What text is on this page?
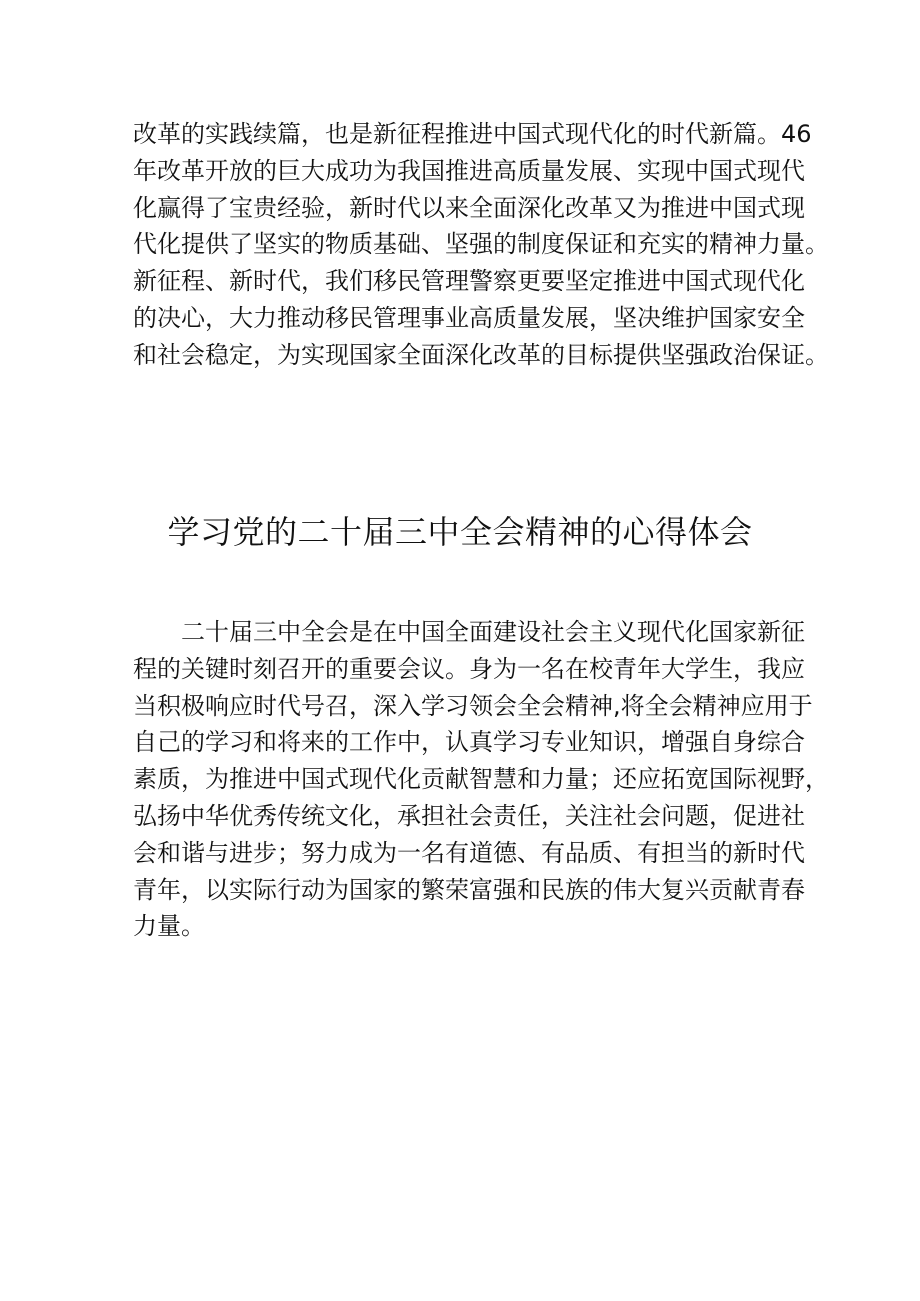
改革的实践续篇，也是新征程推进中国式现代化的时代新篇。46
年改革开放的巨大成功为我国推进高质量发展、实现中国式现代
化赢得了宝贵经验，新时代以来全面深化改革又为推进中国式现
代化提供了坚实的物质基础、坚强的制度保证和充实的精神力量。
新征程、新时代，我们移民管理警察更要坚定推进中国式现代化
的决心，大力推动移民管理事业高质量发展，坚决维护国家安全
和社会稳定，为实现国家全面深化改革的目标提供坚强政治保证。

学习党的二十届三中全会精神的心得体会

二十届三中全会是在中国全面建设社会主义现代化国家新征
程的关键时刻召开的重要会议。身为一名在校青年大学生，我应
当积极响应时代号召，深入学习领会全会精神,将全会精神应用于
自己的学习和将来的工作中，认真学习专业知识，增强自身综合
素质，为推进中国式现代化贡献智慧和力量；还应拓宽国际视野，
弘扬中华优秀传统文化，承担社会责任，关注社会问题，促进社
会和谐与进步；努力成为一名有道德、有品质、有担当的新时代
青年，以实际行动为国家的繁荣富强和民族的伟大复兴贡献青春
力量。
